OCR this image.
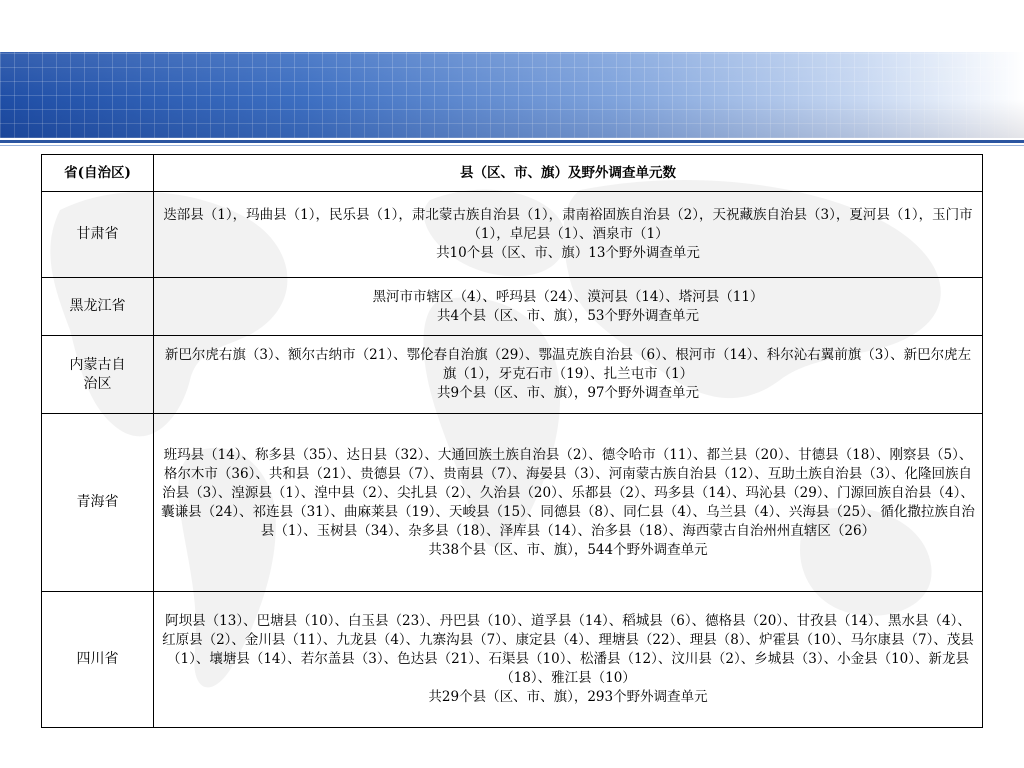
省(自治区)	县（区、市、旗）及野外调查单元数
甘肃省	迭部县（1），玛曲县（1），民乐县（1），肃北蒙古族自治县（1），肃南裕固族自治县（2），天祝藏族自治县（3），夏河县（1），玉门市（1），卓尼县（1）、酒泉市（1）
共10个县（区、市、旗）13个野外调查单元

黑龙江省	黑河市市辖区（4）、呼玛县（24）、漠河县（14）、塔河县（11）
共4个县（区、市、旗），53个野外调查单元

内蒙古自治区	新巴尔虎右旗（3）、额尔古纳市（21）、鄂伦春自治旗（29）、鄂温克族自治县（6）、根河市（14）、科尔沁右翼前旗（3）、新巴尔虎左旗（1），牙克石市（19）、扎兰屯市（1）
共9个县（区、市、旗），97个野外调查单元

青海省	班玛县（14）、称多县（35）、达日县（32）、大通回族土族自治县（2）、德令哈市（11）、都兰县（20）、甘德县（18）、刚察县（5）、格尔木市（36）、共和县（21）、贵德县（7）、贵南县（7）、海晏县（3）、河南蒙古族自治县（12）、互助土族自治县（3）、化隆回族自治县（3）、湟源县（1）、湟中县（2）、尖扎县（2）、久治县（20）、乐都县（2）、玛多县（14）、玛沁县（29）、门源回族自治县（4）、囊谦县（24）、祁连县（31）、曲麻莱县（19）、天峻县（15）、同德县（8）、同仁县（4）、乌兰县（4）、兴海县（25）、循化撒拉族自治县（1）、玉树县（34）、杂多县（18）、泽库县（14）、治多县（18）、海西蒙古自治州州直辖区（26）
共38个县（区、市、旗），544个野外调查单元

四川省	阿坝县（13）、巴塘县（10）、白玉县（23）、丹巴县（10）、道孚县（14）、稻城县（6）、德格县（20）、甘孜县（14）、黑水县（4）、红原县（2）、金川县（11）、九龙县（4）、九寨沟县（7）、康定县（4）、理塘县（22）、理县（8）、炉霍县（10）、马尔康县（7）、茂县（1）、壤塘县（14）、若尔盖县（3）、色达县（21）、石渠县（10）、松潘县（12）、汶川县（2）、乡城县（3）、小金县（10）、新龙县（18）、雅江县（10）
共29个县（区、市、旗），293个野外调查单元
